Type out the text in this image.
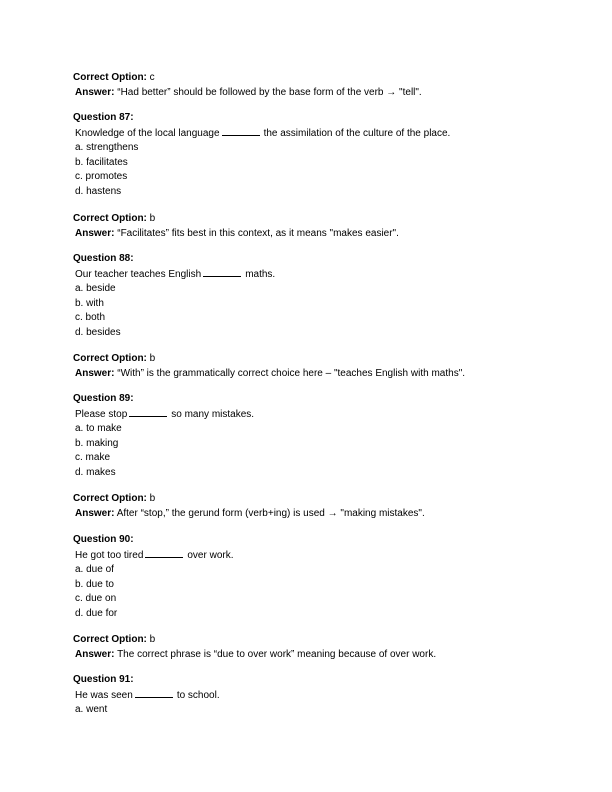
Correct Option: c
Answer: “Had better” should be followed by the base form of the verb → "tell".
Question 87:
Knowledge of the local language	the assimilation of the culture of the place.
a. strengthens
b. facilitates
c. promotes
d. hastens
Correct Option: b
Answer: “Facilitates” fits best in this context, as it means "makes easier".
Question 88:
Our teacher teaches English	maths.
a. beside
b. with
c. both
d. besides
Correct Option: b
Answer: “With” is the grammatically correct choice here – "teaches English with maths".
Question 89:
Please stop	so many mistakes.
a. to make
b. making
c. make
d. makes
Correct Option: b
Answer: After “stop,” the gerund form (verb+ing) is used → "making mistakes".
Question 90:
He got too tired	over work.
a. due of
b. due to
c. due on
d. due for
Correct Option: b
Answer: The correct phrase is “due to over work” meaning because of over work.
Question 91:
He was seen	to school.
a. went
